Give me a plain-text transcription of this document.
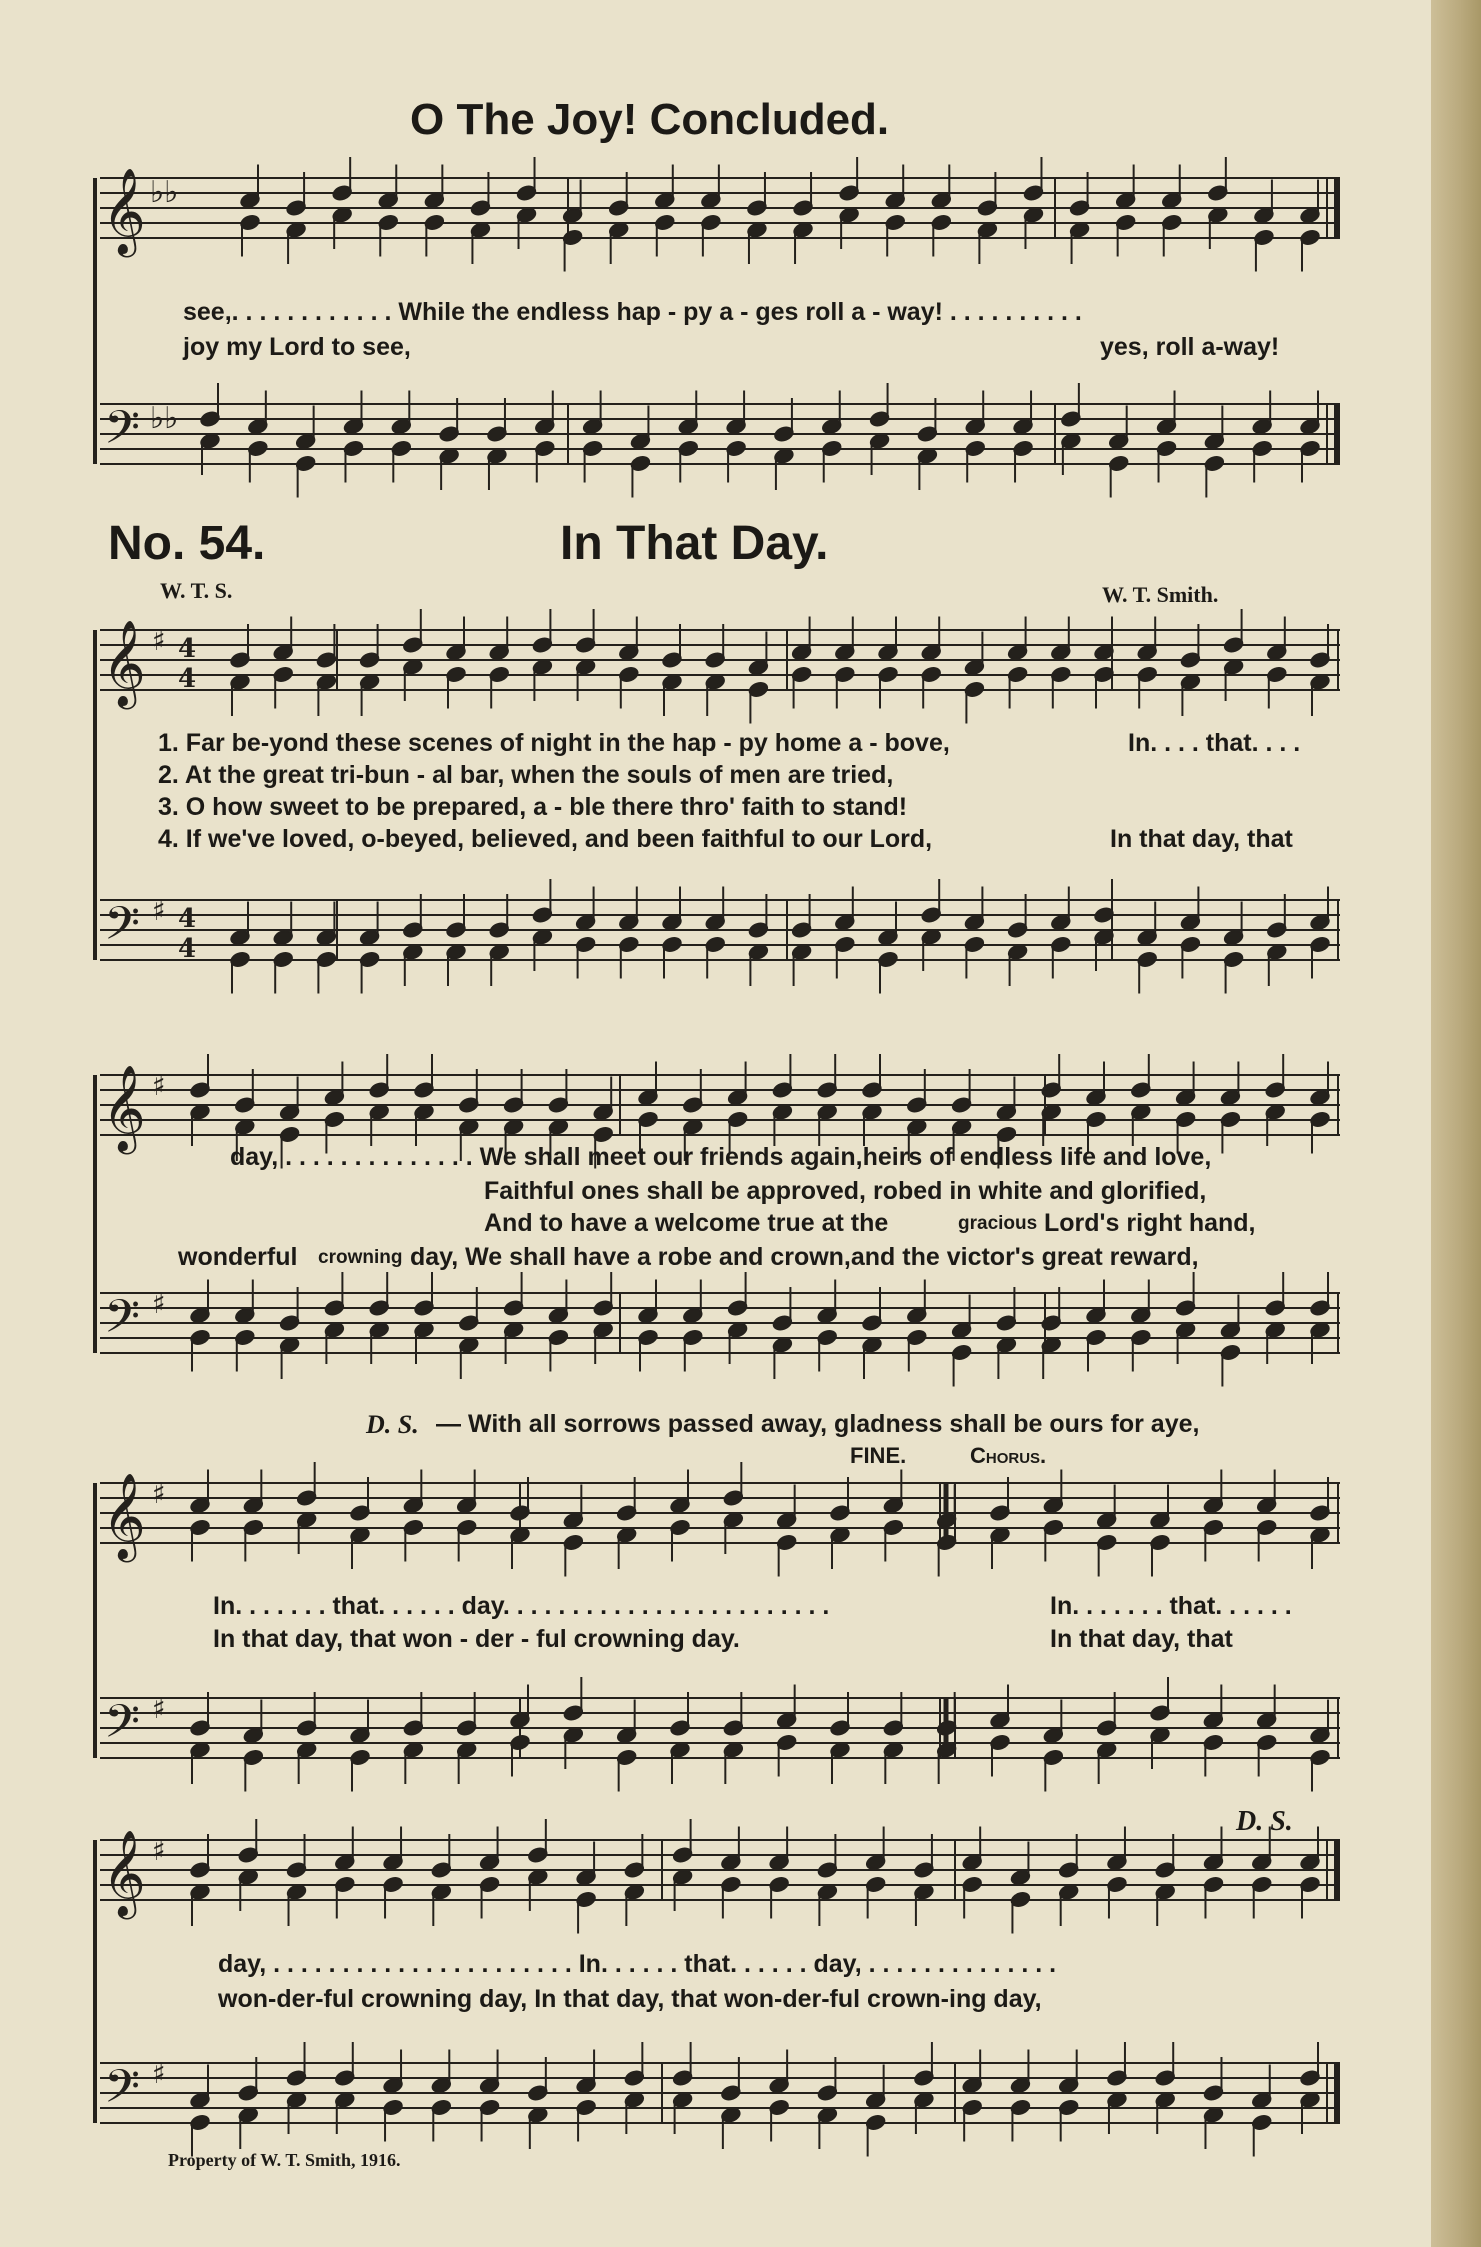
O The Joy! Concluded.
No. 54.	In That Day.
W. T. S.	W. T. Smith.
𝄞
𝄢
𝄞
𝄢
𝄞
𝄢
𝄞
𝄢
𝄞
𝄢
♭♭
♭♭
♯
♯
♯
♯
♯
♯
♯
♯
4
4
4
4
see,. . . . . . . . . . . . While the endless hap - py a - ges roll a - way! . . . . . . . . . .
joy my Lord to see,	yes, roll a-way!
1. Far be-yond these scenes of night in the hap - py home a - bove,	In. . . . that. . . .
2. At the great tri-bun - al bar, when the souls of men are tried,
3. O how sweet to be prepared, a - ble there thro' faith to stand!
4. If we've loved, o-beyed, believed, and been faithful to our Lord,	In that day, that
day, . . . . . . . . . . . . . . We shall meet our friends again,heirs of endless life and love,
Faithful ones shall be approved, robed in white and glorified,
And to have a welcome true at the	gracious Lord's right hand,
wonderful crowning day, We shall have a robe and crown,and the victor's great reward,
D. S. — With all sorrows passed away, gladness shall be ours for aye,
FINE.	Chorus.
In. . . . . . . that. . . . . . day. . . . . . . . . . . . . . . . . . . . . . . .	In. . . . . . . that. . . . . .
In that day, that won - der - ful crowning day.	In that day, that
D. S.
day, . . . . . . . . . . . . . . . . . . . . . . In. . . . . . that. . . . . . day, . . . . . . . . . . . . . .
won-der-ful crowning day, In that day, that won-der-ful crown-ing day,
Property of W. T. Smith, 1916.
